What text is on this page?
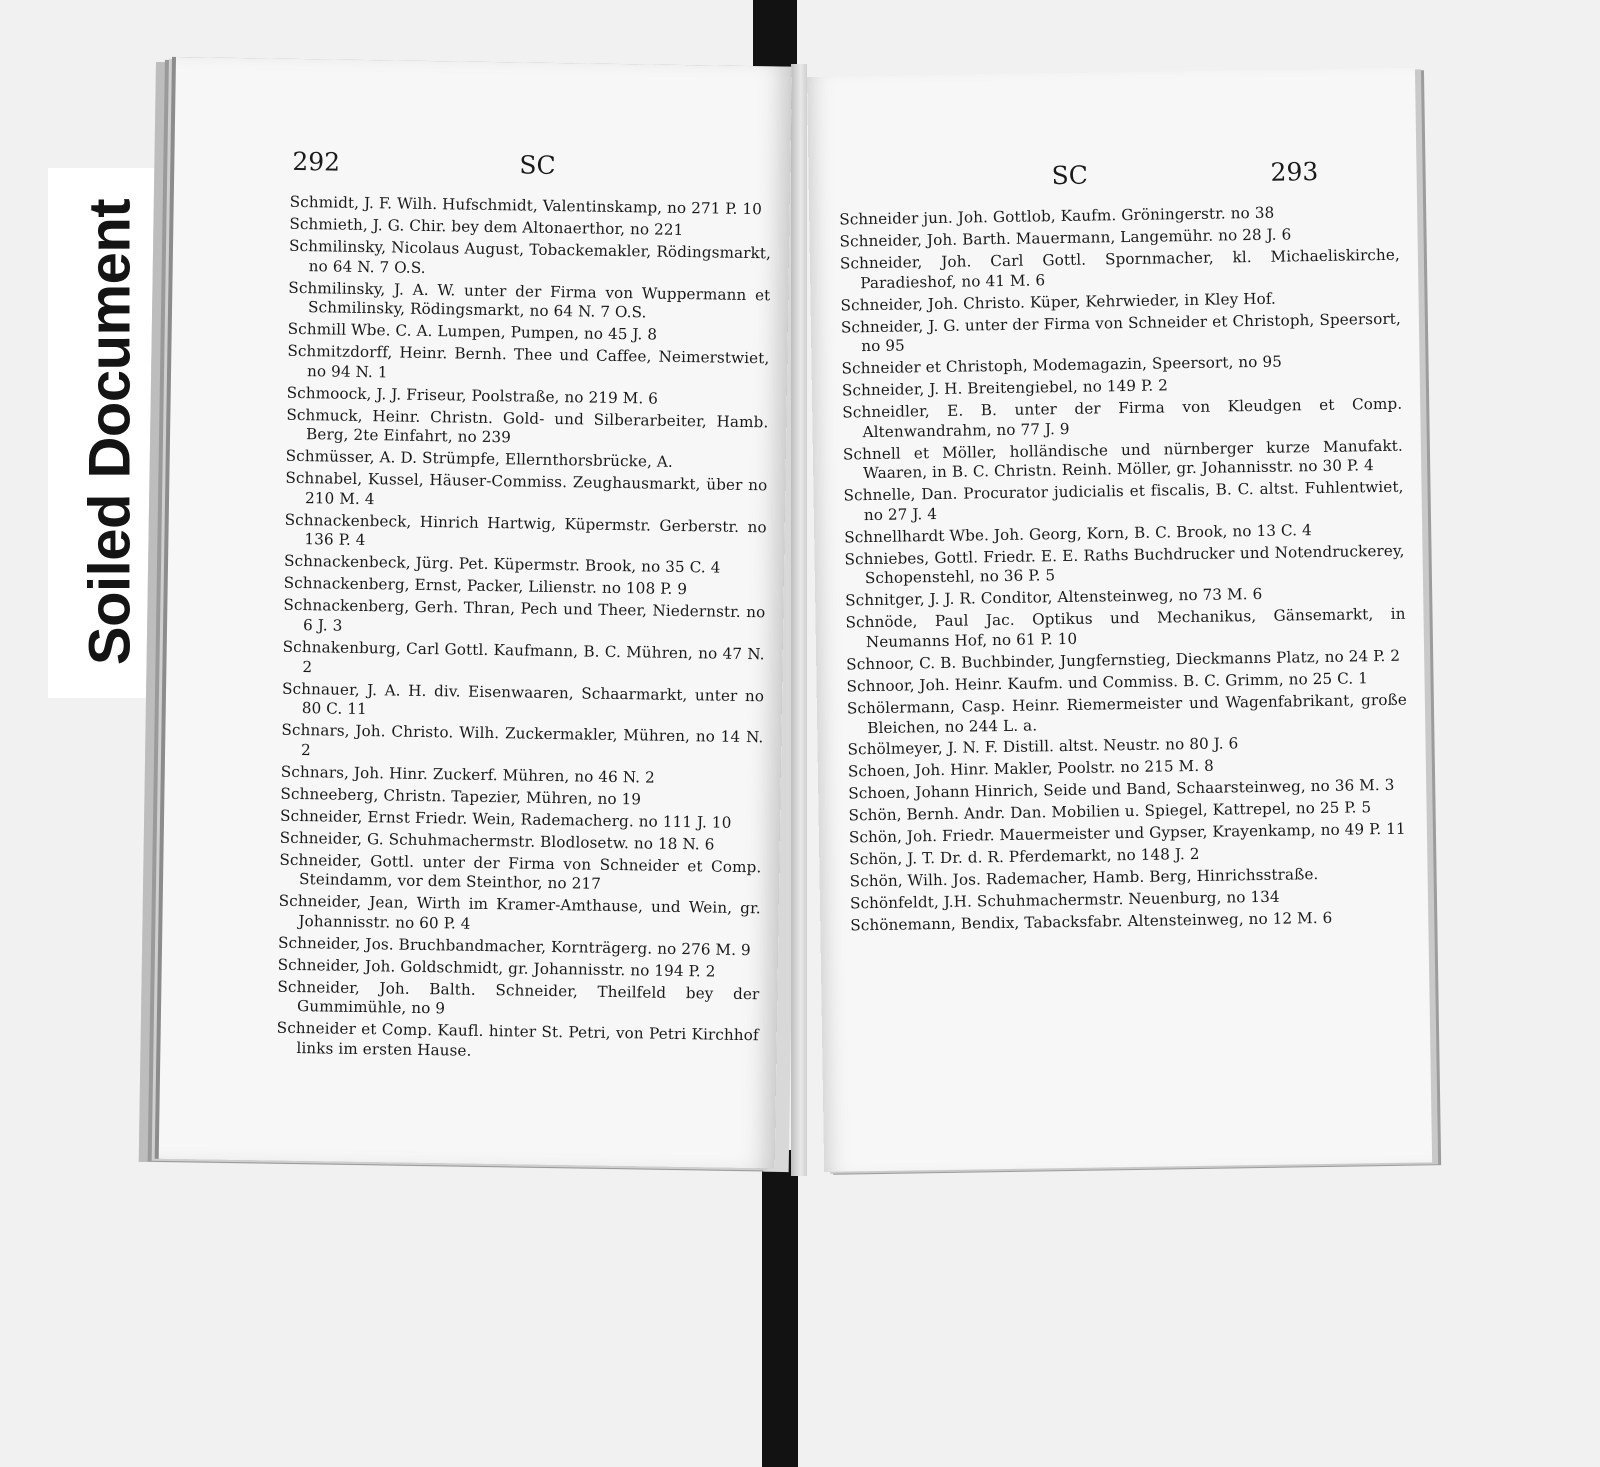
Soiled Document
292	SC

Schmidt, J. F. Wilh. Hufschmidt, Valentinskamp, no 271 P. 10

Schmieth, J. G. Chir. bey dem Altonaerthor, no 221

Schmilinsky, Nicolaus August, Tobackemakler, Rödingsmarkt, no 64 N. 7 O.S.

Schmilinsky, J. A. W. unter der Firma von Wuppermann et Schmilinsky, Rödingsmarkt, no 64 N. 7 O.S.

Schmill Wbe. C. A. Lumpen, Pumpen, no 45 J. 8

Schmitzdorff, Heinr. Bernh. Thee und Caffee, Neimerstwiet, no 94 N. 1

Schmoock, J. J. Friseur, Poolstraße, no 219 M. 6

Schmuck, Heinr. Christn. Gold- und Silberarbeiter, Hamb. Berg, 2te Einfahrt, no 239

Schmüsser, A. D. Strümpfe, Ellernthorsbrücke, A.

Schnabel, Kussel, Häuser-Commiss. Zeughausmarkt, über no 210 M. 4

Schnackenbeck, Hinrich Hartwig, Küpermstr. Gerberstr. no 136 P. 4

Schnackenbeck, Jürg. Pet. Küpermstr. Brook, no 35 C. 4

Schnackenberg, Ernst, Packer, Lilienstr. no 108 P. 9

Schnackenberg, Gerh. Thran, Pech und Theer, Niedernstr. no 6 J. 3

Schnakenburg, Carl Gottl. Kaufmann, B. C. Mühren, no 47 N. 2

Schnauer, J. A. H. div. Eisenwaaren, Schaarmarkt, unter no 80 C. 11

Schnars, Joh. Christo. Wilh. Zuckermakler, Mühren, no 14 N. 2

Schnars, Joh. Hinr. Zuckerf. Mühren, no 46 N. 2

Schneeberg, Christn. Tapezier, Mühren, no 19

Schneider, Ernst Friedr. Wein, Rademacherg. no 111 J. 10

Schneider, G. Schuhmachermstr. Blodlosetw. no 18 N. 6

Schneider, Gottl. unter der Firma von Schneider et Comp. Steindamm, vor dem Steinthor, no 217

Schneider, Jean, Wirth im Kramer-Amthause, und Wein, gr. Johannisstr. no 60 P. 4

Schneider, Jos. Bruchbandmacher, Kornträgerg. no 276 M. 9

Schneider, Joh. Goldschmidt, gr. Johannisstr. no 194 P. 2

Schneider, Joh. Balth. Schneider, Theilfeld bey der Gummimühle, no 9

Schneider et Comp. Kaufl. hinter St. Petri, von Petri Kirchhof links im ersten Hause.

SC	293

Schneider jun. Joh. Gottlob, Kaufm. Gröningerstr. no 38

Schneider, Joh. Barth. Mauermann, Langemühr. no 28 J. 6

Schneider, Joh. Carl Gottl. Spornmacher, kl. Michaeliskirche, Paradieshof, no 41 M. 6

Schneider, Joh. Christo. Küper, Kehrwieder, in Kley Hof.

Schneider, J. G. unter der Firma von Schneider et Christoph, Speersort, no 95

Schneider et Christoph, Modemagazin, Speersort, no 95

Schneider, J. H. Breitengiebel, no 149 P. 2

Schneidler, E. B. unter der Firma von Kleudgen et Comp. Altenwandrahm, no 77 J. 9

Schnell et Möller, holländische und nürnberger kurze Manufakt. Waaren, in B. C. Christn. Reinh. Möller, gr. Johannisstr. no 30 P. 4

Schnelle, Dan. Procurator judicialis et fiscalis, B. C. altst. Fuhlentwiet, no 27 J. 4

Schnellhardt Wbe. Joh. Georg, Korn, B. C. Brook, no 13 C. 4

Schniebes, Gottl. Friedr. E. E. Raths Buchdrucker und Notendruckerey, Schopenstehl, no 36 P. 5

Schnitger, J. J. R. Conditor, Altensteinweg, no 73 M. 6

Schnöde, Paul Jac. Optikus und Mechanikus, Gänsemarkt, in Neumanns Hof, no 61 P. 10

Schnoor, C. B. Buchbinder, Jungfernstieg, Dieckmanns Platz, no 24 P. 2

Schnoor, Joh. Heinr. Kaufm. und Commiss. B. C. Grimm, no 25 C. 1

Schölermann, Casp. Heinr. Riemermeister und Wagenfabrikant, große Bleichen, no 244 L. a.

Schölmeyer, J. N. F. Distill. altst. Neustr. no 80 J. 6

Schoen, Joh. Hinr. Makler, Poolstr. no 215 M. 8

Schoen, Johann Hinrich, Seide und Band, Schaarsteinweg, no 36 M. 3

Schön, Bernh. Andr. Dan. Mobilien u. Spiegel, Kattrepel, no 25 P. 5

Schön, Joh. Friedr. Mauermeister und Gypser, Krayenkamp, no 49 P. 11

Schön, J. T. Dr. d. R. Pferdemarkt, no 148 J. 2

Schön, Wilh. Jos. Rademacher, Hamb. Berg, Hinrichsstraße.

Schönfeldt, J.H. Schuhmachermstr. Neuenburg, no 134

Schönemann, Bendix, Tabacksfabr. Altensteinweg, no 12 M. 6
